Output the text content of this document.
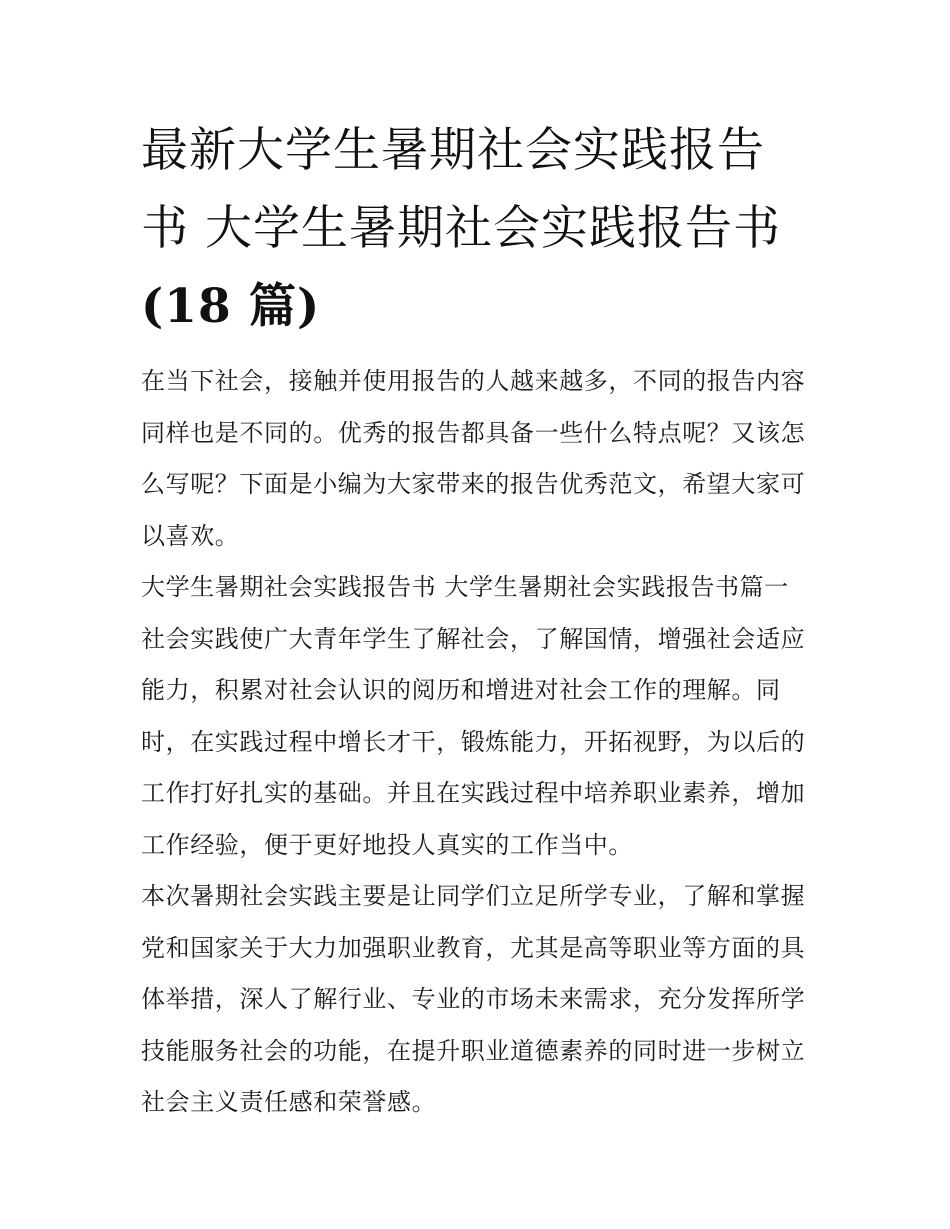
最新大学生暑期社会实践报告
书 大学生暑期社会实践报告书
(18 篇)

在当下社会，接触并使用报告的人越来越多，不同的报告内容
同样也是不同的。优秀的报告都具备一些什么特点呢？又该怎
么写呢？下面是小编为大家带来的报告优秀范文，希望大家可
以喜欢。

大学生暑期社会实践报告书 大学生暑期社会实践报告书篇一

社会实践使广大青年学生了解社会，了解国情，增强社会适应
能力，积累对社会认识的阅历和增进对社会工作的理解。同
时，在实践过程中增长才干，锻炼能力，开拓视野，为以后的
工作打好扎实的基础。并且在实践过程中培养职业素养，增加
工作经验，便于更好地投人真实的工作当中。

本次暑期社会实践主要是让同学们立足所学专业，了解和掌握
党和国家关于大力加强职业教育，尤其是高等职业等方面的具
体举措，深人了解行业、专业的市场未来需求，充分发挥所学
技能服务社会的功能，在提升职业道德素养的同时进一步树立
社会主义责任感和荣誉感。
